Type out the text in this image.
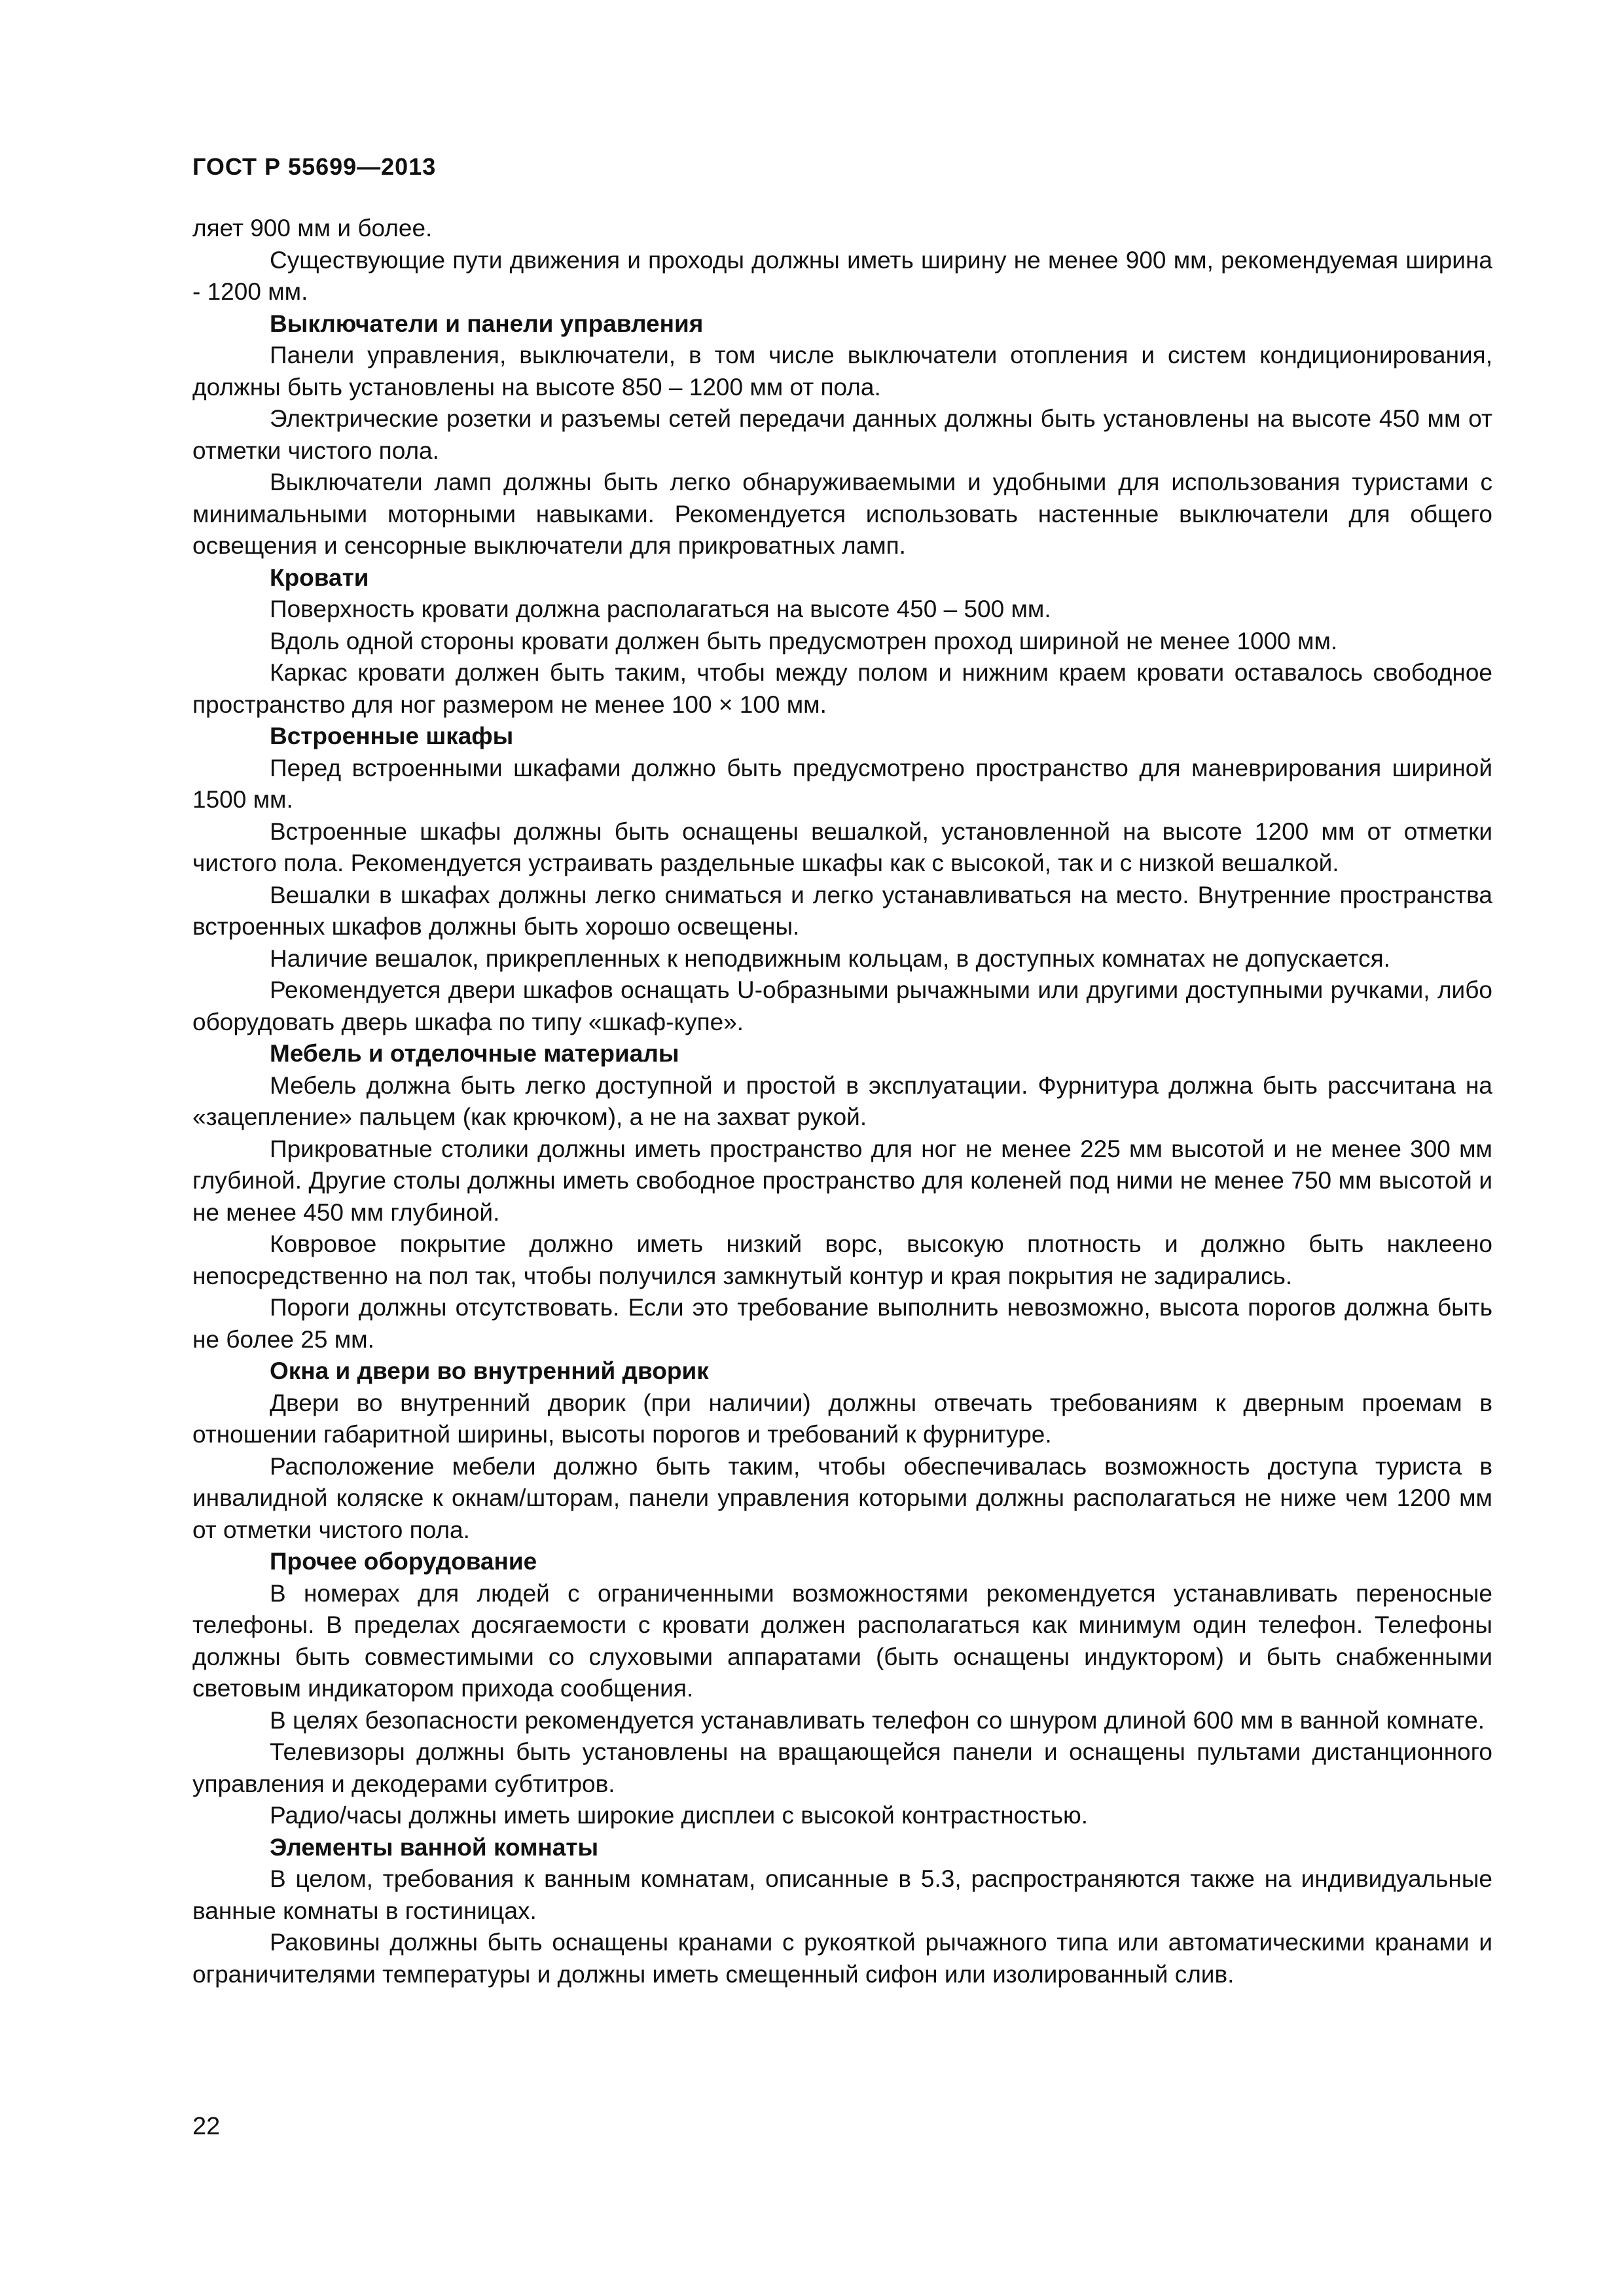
ГОСТ Р 55699—2013

ляет 900 мм и более.

Существующие пути движения и проходы должны иметь ширину не менее 900 мм, рекомендуемая ширина - 1200 мм.

Выключатели и панели управления

Панели управления, выключатели, в том числе выключатели отопления и систем кондиционирования, должны быть установлены на высоте 850 – 1200 мм от пола.

Электрические розетки и разъемы сетей передачи данных должны быть установлены на высоте 450 мм от отметки чистого пола.

Выключатели ламп должны быть легко обнаруживаемыми и удобными для использования туристами с минимальными моторными навыками. Рекомендуется использовать настенные выключатели для общего освещения и сенсорные выключатели для прикроватных ламп.

Кровати

Поверхность кровати должна располагаться на высоте 450 – 500 мм.

Вдоль одной стороны кровати должен быть предусмотрен проход шириной не менее 1000 мм.

Каркас кровати должен быть таким, чтобы между полом и нижним краем кровати оставалось свободное пространство для ног размером не менее 100 × 100 мм.

Встроенные шкафы

Перед встроенными шкафами должно быть предусмотрено пространство для маневрирования шириной 1500 мм.

Встроенные шкафы должны быть оснащены вешалкой, установленной на высоте 1200 мм от отметки чистого пола. Рекомендуется устраивать раздельные шкафы как с высокой, так и с низкой вешалкой.

Вешалки в шкафах должны легко сниматься и легко устанавливаться на место. Внутренние пространства встроенных шкафов должны быть хорошо освещены.

Наличие вешалок, прикрепленных к неподвижным кольцам, в доступных комнатах не допускается.

Рекомендуется двери шкафов оснащать U-образными рычажными или другими доступными ручками, либо оборудовать дверь шкафа по типу «шкаф-купе».

Мебель и отделочные материалы

Мебель должна быть легко доступной и простой в эксплуатации. Фурнитура должна быть рассчитана на «зацепление» пальцем (как крючком), а не на захват рукой.

Прикроватные столики должны иметь пространство для ног не менее 225 мм высотой и не менее 300 мм глубиной. Другие столы должны иметь свободное пространство для коленей под ними не менее 750 мм высотой и не менее 450 мм глубиной.

Ковровое покрытие должно иметь низкий ворс, высокую плотность и должно быть наклеено непосредственно на пол так, чтобы получился замкнутый контур и края покрытия не задирались.

Пороги должны отсутствовать. Если это требование выполнить невозможно, высота порогов должна быть не более 25 мм.

Окна и двери во внутренний дворик

Двери во внутренний дворик (при наличии) должны отвечать требованиям к дверным проемам в отношении габаритной ширины, высоты порогов и требований к фурнитуре.

Расположение мебели должно быть таким, чтобы обеспечивалась возможность доступа туриста в инвалидной коляске к окнам/шторам, панели управления которыми должны располагаться не ниже чем 1200 мм от отметки чистого пола.

Прочее оборудование

В номерах для людей с ограниченными возможностями рекомендуется устанавливать переносные телефоны. В пределах досягаемости с кровати должен располагаться как минимум один телефон. Телефоны должны быть совместимыми со слуховыми аппаратами (быть оснащены индуктором) и быть снабженными световым индикатором прихода сообщения.

В целях безопасности рекомендуется устанавливать телефон со шнуром длиной 600 мм в ванной комнате.

Телевизоры должны быть установлены на вращающейся панели и оснащены пультами дистанционного управления и декодерами субтитров.

Радио/часы должны иметь широкие дисплеи с высокой контрастностью.

Элементы ванной комнаты

В целом, требования к ванным комнатам, описанные в 5.3, распространяются также на индивидуальные ванные комнаты в гостиницах.

Раковины должны быть оснащены кранами с рукояткой рычажного типа или автоматическими кранами и ограничителями температуры и должны иметь смещенный сифон или изолированный слив.

22
